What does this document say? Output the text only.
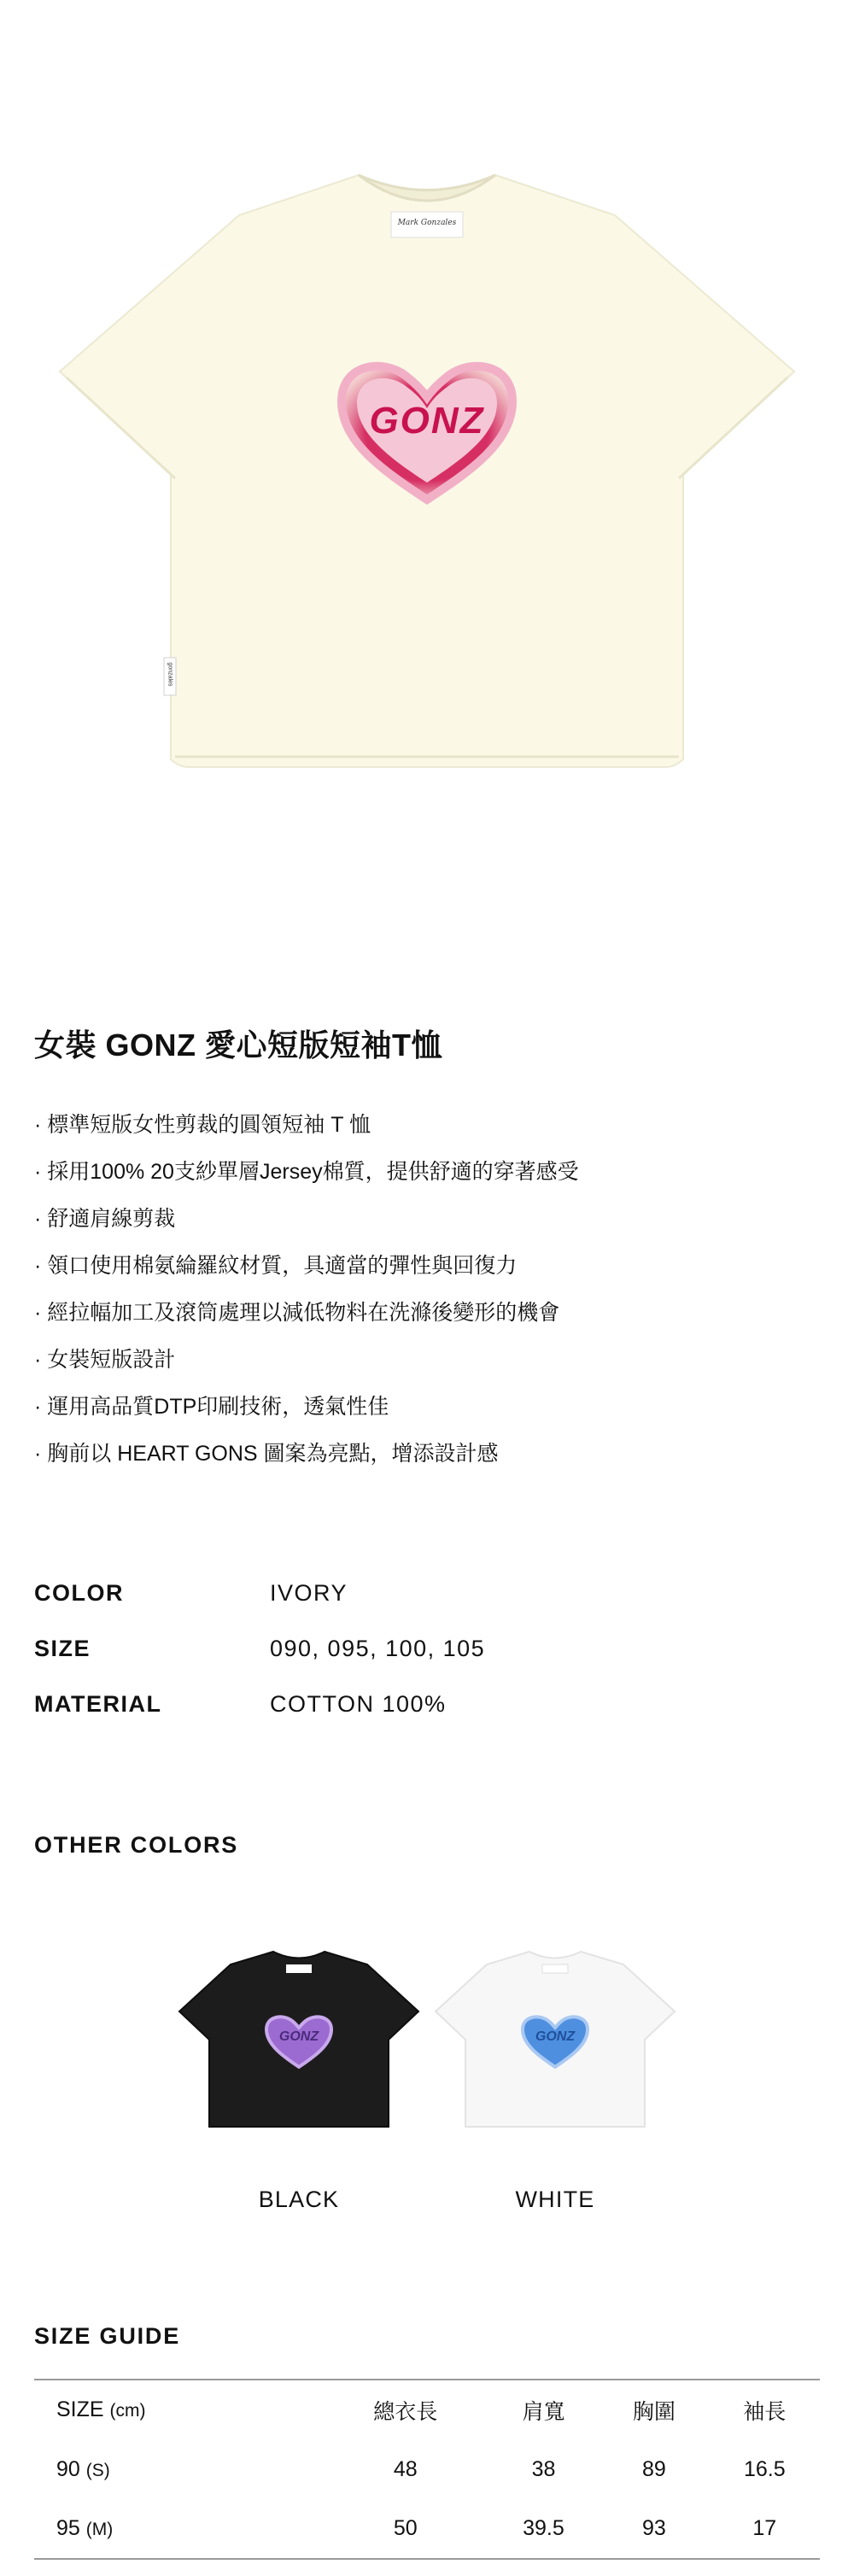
Mark Gonzales
gonzales
GONZ
女裝 GONZ 愛心短版短袖T恤
· 標準短版女性剪裁的圓領短袖 T 恤
· 採用100% 20支紗單層Jersey棉質，提供舒適的穿著感受
· 舒適肩線剪裁
· 領口使用棉氨綸羅紋材質，具適當的彈性與回復力
· 經拉幅加工及滾筒處理以減低物料在洗滌後變形的機會
· 女裝短版設計
· 運用高品質DTP印刷技術，透氣性佳
· 胸前以 HEART GONS 圖案為亮點，增添設計感
COLOR	IVORY
SIZE	090, 095, 100, 105
MATERIAL	COTTON 100%
OTHER COLORS
GONZ	GONZ
BLACK	WHITE
SIZE GUIDE
SIZE (cm)	總衣長	肩寬	胸圍	袖長
90 (S)	48	38	89	16.5
95 (M)	50	39.5	93	17
